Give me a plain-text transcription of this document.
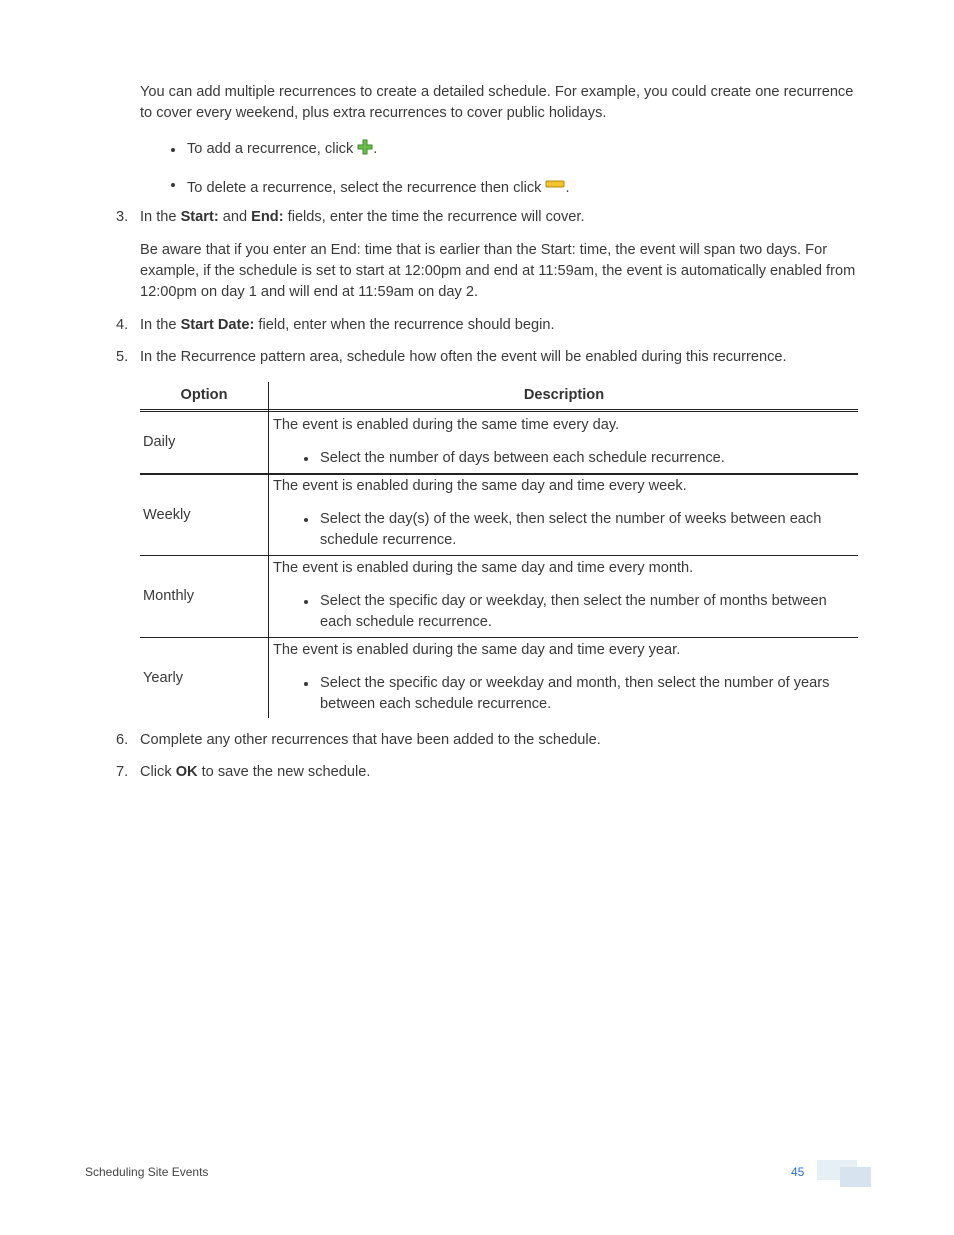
You can add multiple recurrences to create a detailed schedule. For example, you could create one recurrence to cover every weekend, plus extra recurrences to cover public holidays.

To add a recurrence, click .
To delete a recurrence, select the recurrence then click .
3. In the Start: and End: fields, enter the time the recurrence will cover.

Be aware that if you enter an End: time that is earlier than the Start: time, the event will span two days. For example, if the schedule is set to start at 12:00pm and end at 11:59am, the event is automatically enabled from 12:00pm on day 1 and will end at 11:59am on day 2.

4. In the Start Date: field, enter when the recurrence should begin.
5. In the Recurrence pattern area, schedule how often the event will be enabled during this recurrence.
Option	Description
Daily
The event is enabled during the same time every day.
Select the number of days between each schedule recurrence.
Weekly
The event is enabled during the same day and time every week.
Select the day(s) of the week, then select the number of weeks between each schedule recurrence.
Monthly
The event is enabled during the same day and time every month.
Select the specific day or weekday, then select the number of months between each schedule recurrence.
Yearly
The event is enabled during the same day and time every year.
Select the specific day or weekday and month, then select the number of years between each schedule recurrence.
6. Complete any other recurrences that have been added to the schedule.
7. Click OK to save the new schedule.
Scheduling Site Events	45
